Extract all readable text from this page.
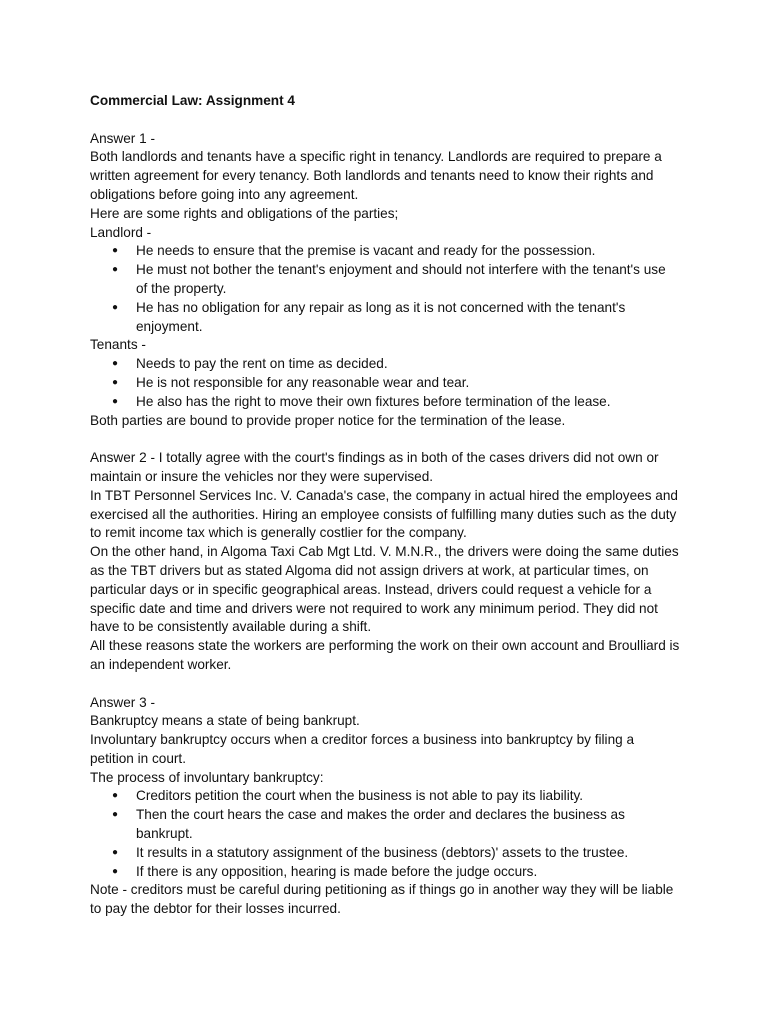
Commercial Law: Assignment 4

Answer 1 -

Both landlords and tenants have a specific right in tenancy. Landlords are required to prepare a written agreement for every tenancy. Both landlords and tenants need to know their rights and obligations before going into any agreement.

Here are some rights and obligations of the parties;

Landlord -

● He needs to ensure that the premise is vacant and ready for the possession.
● He must not bother the tenant's enjoyment and should not interfere with the tenant's use of the property.
● He has no obligation for any repair as long as it is not concerned with the tenant's enjoyment.

Tenants -

● Needs to pay the rent on time as decided.
● He is not responsible for any reasonable wear and tear.
● He also has the right to move their own fixtures before termination of the lease.

Both parties are bound to provide proper notice for the termination of the lease.

Answer 2 - I totally agree with the court's findings as in both of the cases drivers did not own or maintain or insure the vehicles nor they were supervised.

In TBT Personnel Services Inc. V. Canada's case, the company in actual hired the employees and exercised all the authorities. Hiring an employee consists of fulfilling many duties such as the duty to remit income tax which is generally costlier for the company.

On the other hand, in Algoma Taxi Cab Mgt Ltd. V. M.N.R., the drivers were doing the same duties as the TBT drivers but as stated Algoma did not assign drivers at work, at particular times, on particular days or in specific geographical areas. Instead, drivers could request a vehicle for a specific date and time and drivers were not required to work any minimum period. They did not have to be consistently available during a shift.

All these reasons state the workers are performing the work on their own account and Broulliard is an independent worker.

Answer 3 -

Bankruptcy means a state of being bankrupt.

Involuntary bankruptcy occurs when a creditor forces a business into bankruptcy by filing a petition in court.

The process of involuntary bankruptcy:

● Creditors petition the court when the business is not able to pay its liability.
● Then the court hears the case and makes the order and declares the business as bankrupt.
● It results in a statutory assignment of the business (debtors)' assets to the trustee.
● If there is any opposition, hearing is made before the judge occurs.

Note - creditors must be careful during petitioning as if things go in another way they will be liable to pay the debtor for their losses incurred.
